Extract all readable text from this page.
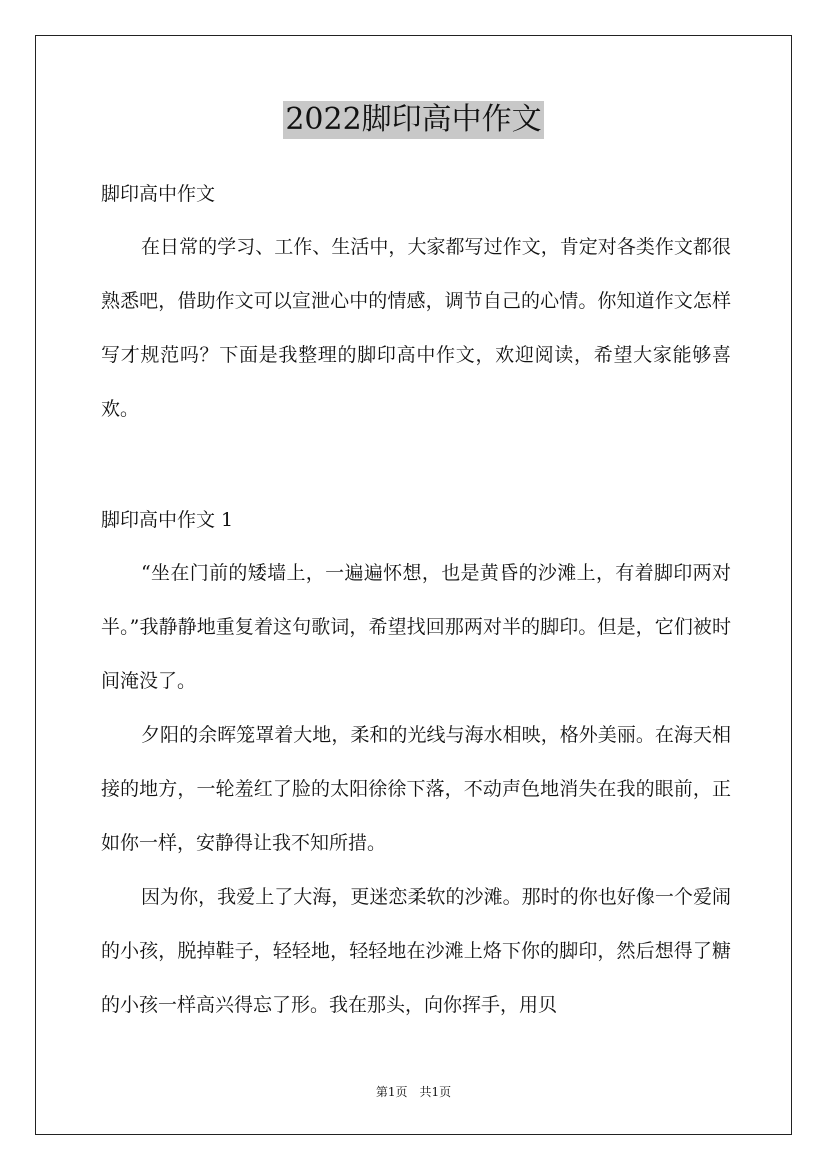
2022脚印高中作文
脚印高中作文

在日常的学习、工作、生活中，大家都写过作文，肯定对各类作文都很熟悉吧，借助作文可以宣泄心中的情感，调节自己的心情。你知道作文怎样写才规范吗？下面是我整理的脚印高中作文，欢迎阅读，希望大家能够喜欢。

脚印高中作文 1

“坐在门前的矮墙上，一遍遍怀想，也是黄昏的沙滩上，有着脚印两对半。”我静静地重复着这句歌词，希望找回那两对半的脚印。但是，它们被时间淹没了。

夕阳的余晖笼罩着大地，柔和的光线与海水相映，格外美丽。在海天相接的地方，一轮羞红了脸的太阳徐徐下落，不动声色地消失在我的眼前，正如你一样，安静得让我不知所措。

因为你，我爱上了大海，更迷恋柔软的沙滩。那时的你也好像一个爱闹的小孩，脱掉鞋子，轻轻地，轻轻地在沙滩上烙下你的脚印，然后想得了糖的小孩一样高兴得忘了形。我在那头，向你挥手，用贝

第1页　共1页
